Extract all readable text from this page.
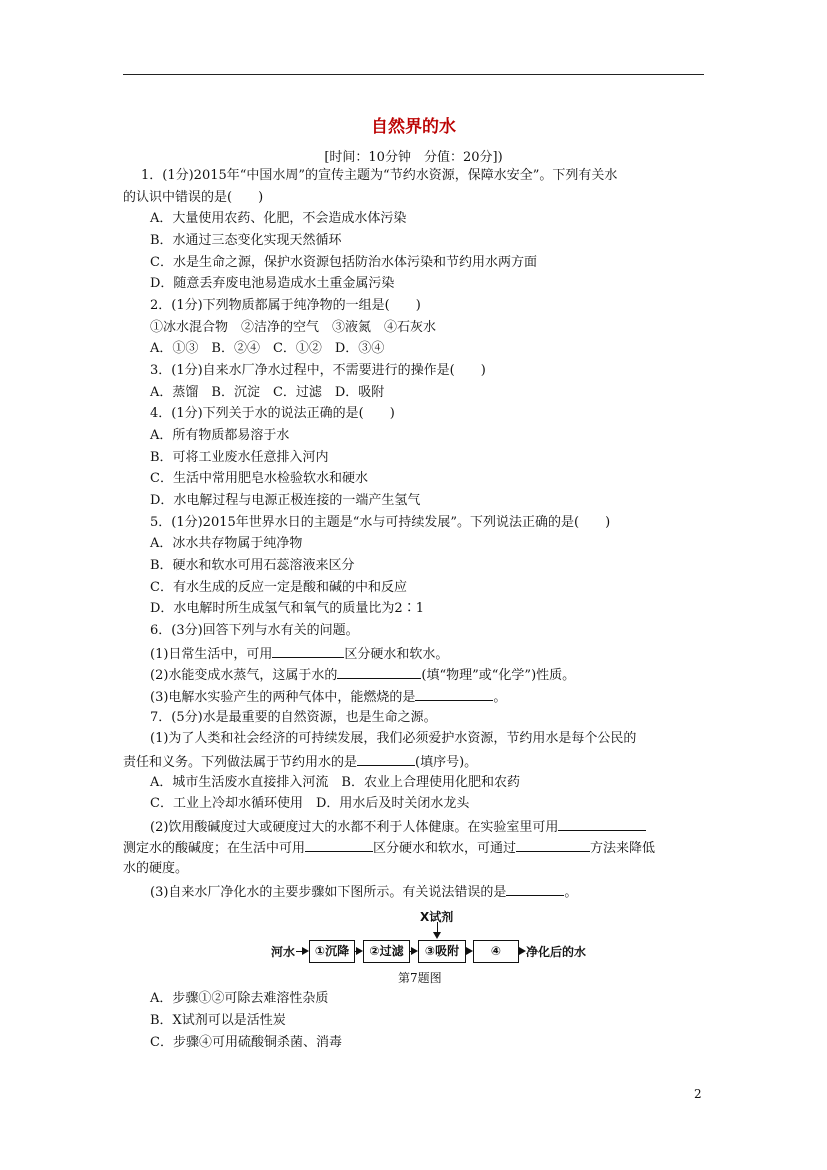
自然界的水
[时间：10分钟　分值：20分])
1．(1分)2015年“中国水周”的宣传主题为“节约水资源，保障水安全”。下列有关水
的认识中错误的是(　　)
A．大量使用农药、化肥，不会造成水体污染
B．水通过三态变化实现天然循环
C．水是生命之源，保护水资源包括防治水体污染和节约用水两方面
D．随意丢弃废电池易造成水土重金属污染
2．(1分)下列物质都属于纯净物的一组是(　　)
①冰水混合物　②洁净的空气　③液氮　④石灰水
A．①③　B．②④　C．①②　D．③④
3．(1分)自来水厂净水过程中，不需要进行的操作是(　　)
A．蒸馏　B．沉淀　C．过滤　D．吸附
4．(1分)下列关于水的说法正确的是(　　)
A．所有物质都易溶于水
B．可将工业废水任意排入河内
C．生活中常用肥皂水检验软水和硬水
D．水电解过程与电源正极连接的一端产生氢气
5．(1分)2015年世界水日的主题是“水与可持续发展”。下列说法正确的是(　　)
A．冰水共存物属于纯净物
B．硬水和软水可用石蕊溶液来区分
C．有水生成的反应一定是酸和碱的中和反应
D．水电解时所生成氢气和氧气的质量比为2∶1
6．(3分)回答下列与水有关的问题。
(1)日常生活中，可用	区分硬水和软水。
(2)水能变成水蒸气，这属于水的	(填“物理”或“化学”)性质。
(3)电解水实验产生的两种气体中，能燃烧的是	。
7．(5分)水是最重要的自然资源，也是生命之源。
(1)为了人类和社会经济的可持续发展，我们必须爱护水资源，节约用水是每个公民的
责任和义务。下列做法属于节约用水的是	(填序号)。
A．城市生活废水直接排入河流　B．农业上合理使用化肥和农药
C．工业上冷却水循环使用　D．用水后及时关闭水龙头
(2)饮用酸碱度过大或硬度过大的水都不利于人体健康。在实验室里可用
测定水的酸碱度；在生活中可用	区分硬水和软水，可通过	方法来降低
水的硬度。
(3)自来水厂净化水的主要步骤如下图所示。有关说法错误的是	。
X试剂
河水	①沉降	②过滤	③吸附	④	净化后的水
第7题图
A．步骤①②可除去难溶性杂质
B．X试剂可以是活性炭
C．步骤④可用硫酸铜杀菌、消毒
2
